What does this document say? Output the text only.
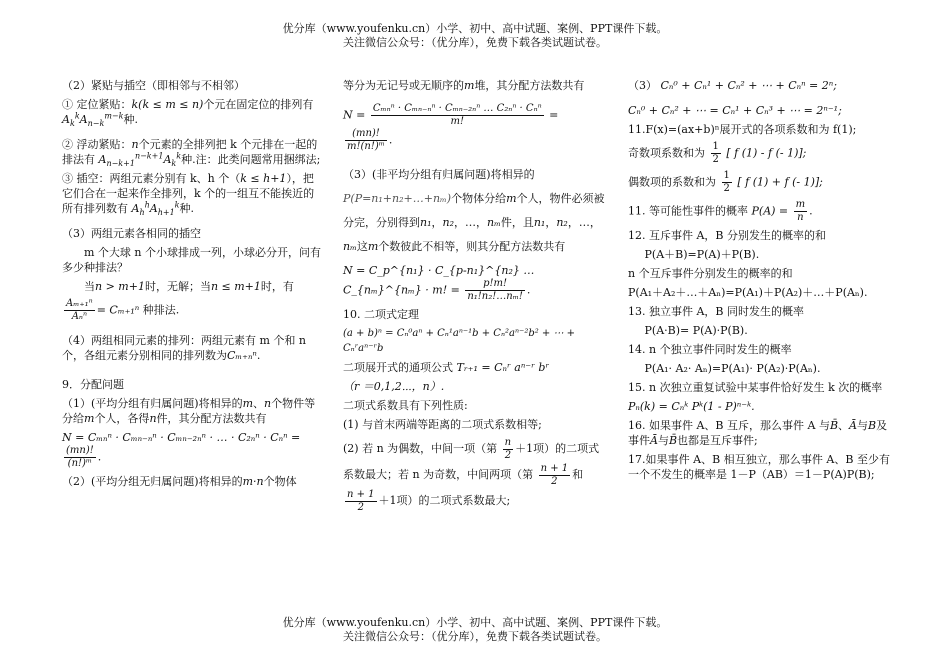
优分库（www.youfenku.cn）小学、初中、高中试题、案例、PPT课件下载。
关注微信公众号：（优分库），免费下载各类试题试卷。

（2）紧贴与插空（即相邻与不相邻）

① 定位紧贴：k(k ≤ m ≤ n)个元在固定位的排列有 $A_k^kA_{n-k}^{m-k}$种.

② 浮动紧贴：n个元素的全排列把 k 个元排在一起的排法有 $A_{n-k+1}^{n-k+1}A_k^k$种.注：此类问题常用捆绑法;

③ 插空：两组元素分别有 k、h 个（k ≤ h+1），把它们合在一起来作全排列，k 个的一组互不能挨近的所有排列数有 $A_h^hA_{h+1}^k$种.

（3）两组元素各相同的插空

m 个大球 n 个小球排成一列，小球必分开，问有多少种排法？

当n > m+1时，无解；当n ≤ m+1时，有

Aₘ₊₁ⁿ
Aₙⁿ = Cₘ₊₁ⁿ 种排法.

（4）两组相同元素的排列：两组元素有 m 个和 n 个，各组元素分别相同的排列数为Cₘ₊ₙⁿ.

9．分配问题

（1）(平均分组有归属问题)将相异的m、n个物件等分给m个人，各得n件，其分配方法数共有

N = Cₘₙⁿ · Cₘₙ₋ₙⁿ · Cₘₙ₋₂ₙⁿ · … · C₂ₙⁿ · Cₙⁿ =
$\frac{(mn)!}{\text{(n!)ᵐ}}$ .

（2）(平均分组无归属问题)将相异的m·n个物体

等分为无记号或无顺序的m堆，其分配方法数共有

N = Cₘₙⁿ · Cₘₙ₋ₙⁿ · Cₘₙ₋₂ₙⁿ … C₂ₙⁿ · Cₙⁿ
m!	=
$\frac{(mn)!}{\text{m!(n!)ᵐ}}$ .

（3）(非平均分组有归属问题)将相异的P(P=n₁+n₂+…+nₘ)个物体分给m个人，物件必须被分完，分别得到n₁，n₂，…，nₘ件，且n₁，n₂，…，nₘ这m个数彼此不相等，则其分配方法数共有

N = C_p^{n₁} · C_{p-n₁}^{n₂} … C_{nₘ}^{nₘ} · m! = $\frac{p!m!}{\text{n₁!n₂!…nₘ!}}$ .

10. 二项式定理

(a + b)ⁿ = Cₙ⁰aⁿ + Cₙ¹aⁿ⁻¹b + Cₙ²aⁿ⁻²b² + ⋯ + Cₙʳaⁿ⁻ʳb

二项展开式的通项公式 Tᵣ₊₁ = Cₙʳ aⁿ⁻ʳ bʳ

（r ＝0,1,2⋯，n）.

二项式系数具有下列性质:

(1) 与首末两端等距离的二项式系数相等;

(2) 若 n 为偶数，中间一项（第 $\frac{n}{2} +1$项）的二项式系数最大；若 n 为奇数，中间两项（第 $\frac{n + 1}{2}$ 和
$\frac{n + 1}{2} +1$项）的二项式系数最大;

（3） Cₙ⁰ + Cₙ¹ + Cₙ² + ⋯ + Cₙⁿ = 2ⁿ;

Cₙ⁰ + Cₙ² + ⋯ = Cₙ¹ + Cₙ³ + ⋯ = 2ⁿ⁻¹;

11.F(x)=(ax+b)ⁿ展开式的各项系数和为 f(1);

奇数项系数和为 $\frac{1}{2}$ [ f (1) - f (- 1)];

偶数项的系数和为 $\frac{1}{2}$ [ f (1) + f (- 1)];

11. 等可能性事件的概率 $P(A) = \frac{m}{n}$ .

12. 互斥事件 A，B 分别发生的概率的和

P(A＋B)=P(A)＋P(B).

n 个互斥事件分别发生的概率的和

P(A₁＋A₂＋…＋Aₙ)=P(A₁)＋P(A₂)＋…＋P(Aₙ).

13. 独立事件 A，B 同时发生的概率

P(A·B)= P(A)·P(B).

14. n 个独立事件同时发生的概率

P(A₁· A₂· Aₙ)=P(A₁)· P(A₂)·P(Aₙ).

15. n 次独立重复试验中某事件恰好发生 k 次的概率

Pₙ(k) = Cₙᵏ Pᵏ(1 - P)ⁿ⁻ᵏ.

16. 如果事件 A、B 互斥，那么事件 A 与B̄、Ā与B及事件Ā与B̄也都是互斥事件;

17.如果事件 A、B 相互独立，那么事件 A、B 至少有一个不发生的概率是 1－P（AB）＝1－P(A)P(B);

优分库（www.youfenku.cn）小学、初中、高中试题、案例、PPT课件下载。
关注微信公众号：（优分库），免费下载各类试题试卷。
